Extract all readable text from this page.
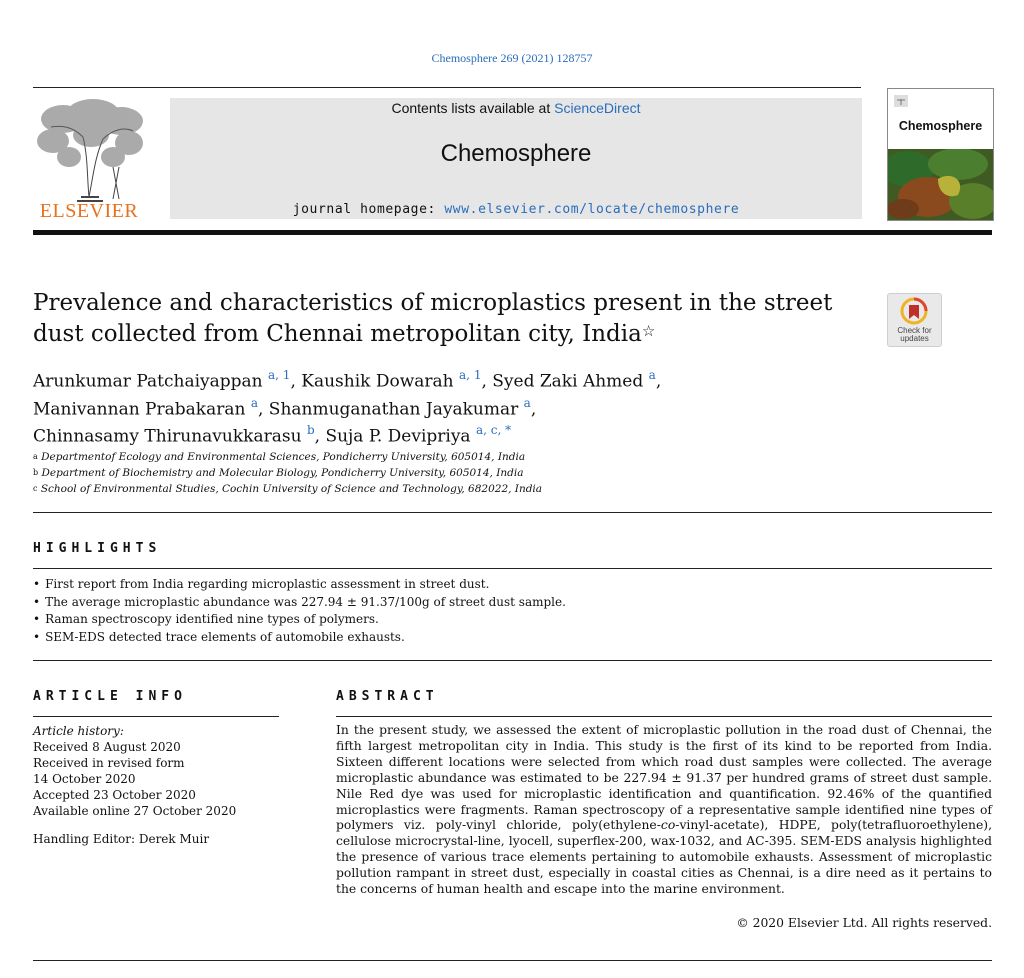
Chemosphere 269 (2021) 128757
ELSEVIER
Contents lists available at ScienceDirect
Chemosphere
journal homepage: www.elsevier.com/locate/chemosphere
Chemosphere
Prevalence and characteristics of microplastics present in the street dust collected from Chennai metropolitan city, India☆	Check for
updates
Arunkumar Patchaiyappan $^{a, 1}$, Kaushik Dowarah $^{a, 1}$, Syed Zaki Ahmed $^a$,
Manivannan Prabakaran $^a$, Shanmuganathan Jayakumar $^a$,
Chinnasamy Thirunavukkarasu $^b$, Suja P. Devipriya $^{a, c, *}$
$^a$ Departmentof Ecology and Environmental Sciences, Pondicherry University, 605014, India
$^b$ Department of Biochemistry and Molecular Biology, Pondicherry University, 605014, India
$^c$ School of Environmental Studies, Cochin University of Science and Technology, 682022, India
HIGHLIGHTS
• First report from India regarding microplastic assessment in street dust.
• The average microplastic abundance was 227.94 ± 91.37/100g of street dust sample.
• Raman spectroscopy identified nine types of polymers.
• SEM-EDS detected trace elements of automobile exhausts.
ARTICLE INFO
Article history:
Received 8 August 2020
Received in revised form
14 October 2020
Accepted 23 October 2020
Available online 27 October 2020
Handling Editor: Derek Muir
ABSTRACT
In the present study, we assessed the extent of microplastic pollution in the road dust of Chennai, the fifth largest metropolitan city in India. This study is the first of its kind to be reported from India. Sixteen different locations were selected from which road dust samples were collected. The average microplastic abundance was estimated to be 227.94 ± 91.37 per hundred grams of street dust sample. Nile Red dye was used for microplastic identification and quantification. 92.46% of the quantified microplastics were fragments. Raman spectroscopy of a representative sample identified nine types of polymers viz. poly-vinyl chloride, poly(ethylene-co-vinyl-acetate), HDPE, poly(tetrafluoroethylene), cellulose microcrystal-line, lyocell, superflex-200, wax-1032, and AC-395. SEM-EDS analysis highlighted the presence of various trace elements pertaining to automobile exhausts. Assessment of microplastic pollution rampant in street dust, especially in coastal cities as Chennai, is a dire need as it pertains to the concerns of human health and escape into the marine environment.
© 2020 Elsevier Ltd. All rights reserved.
